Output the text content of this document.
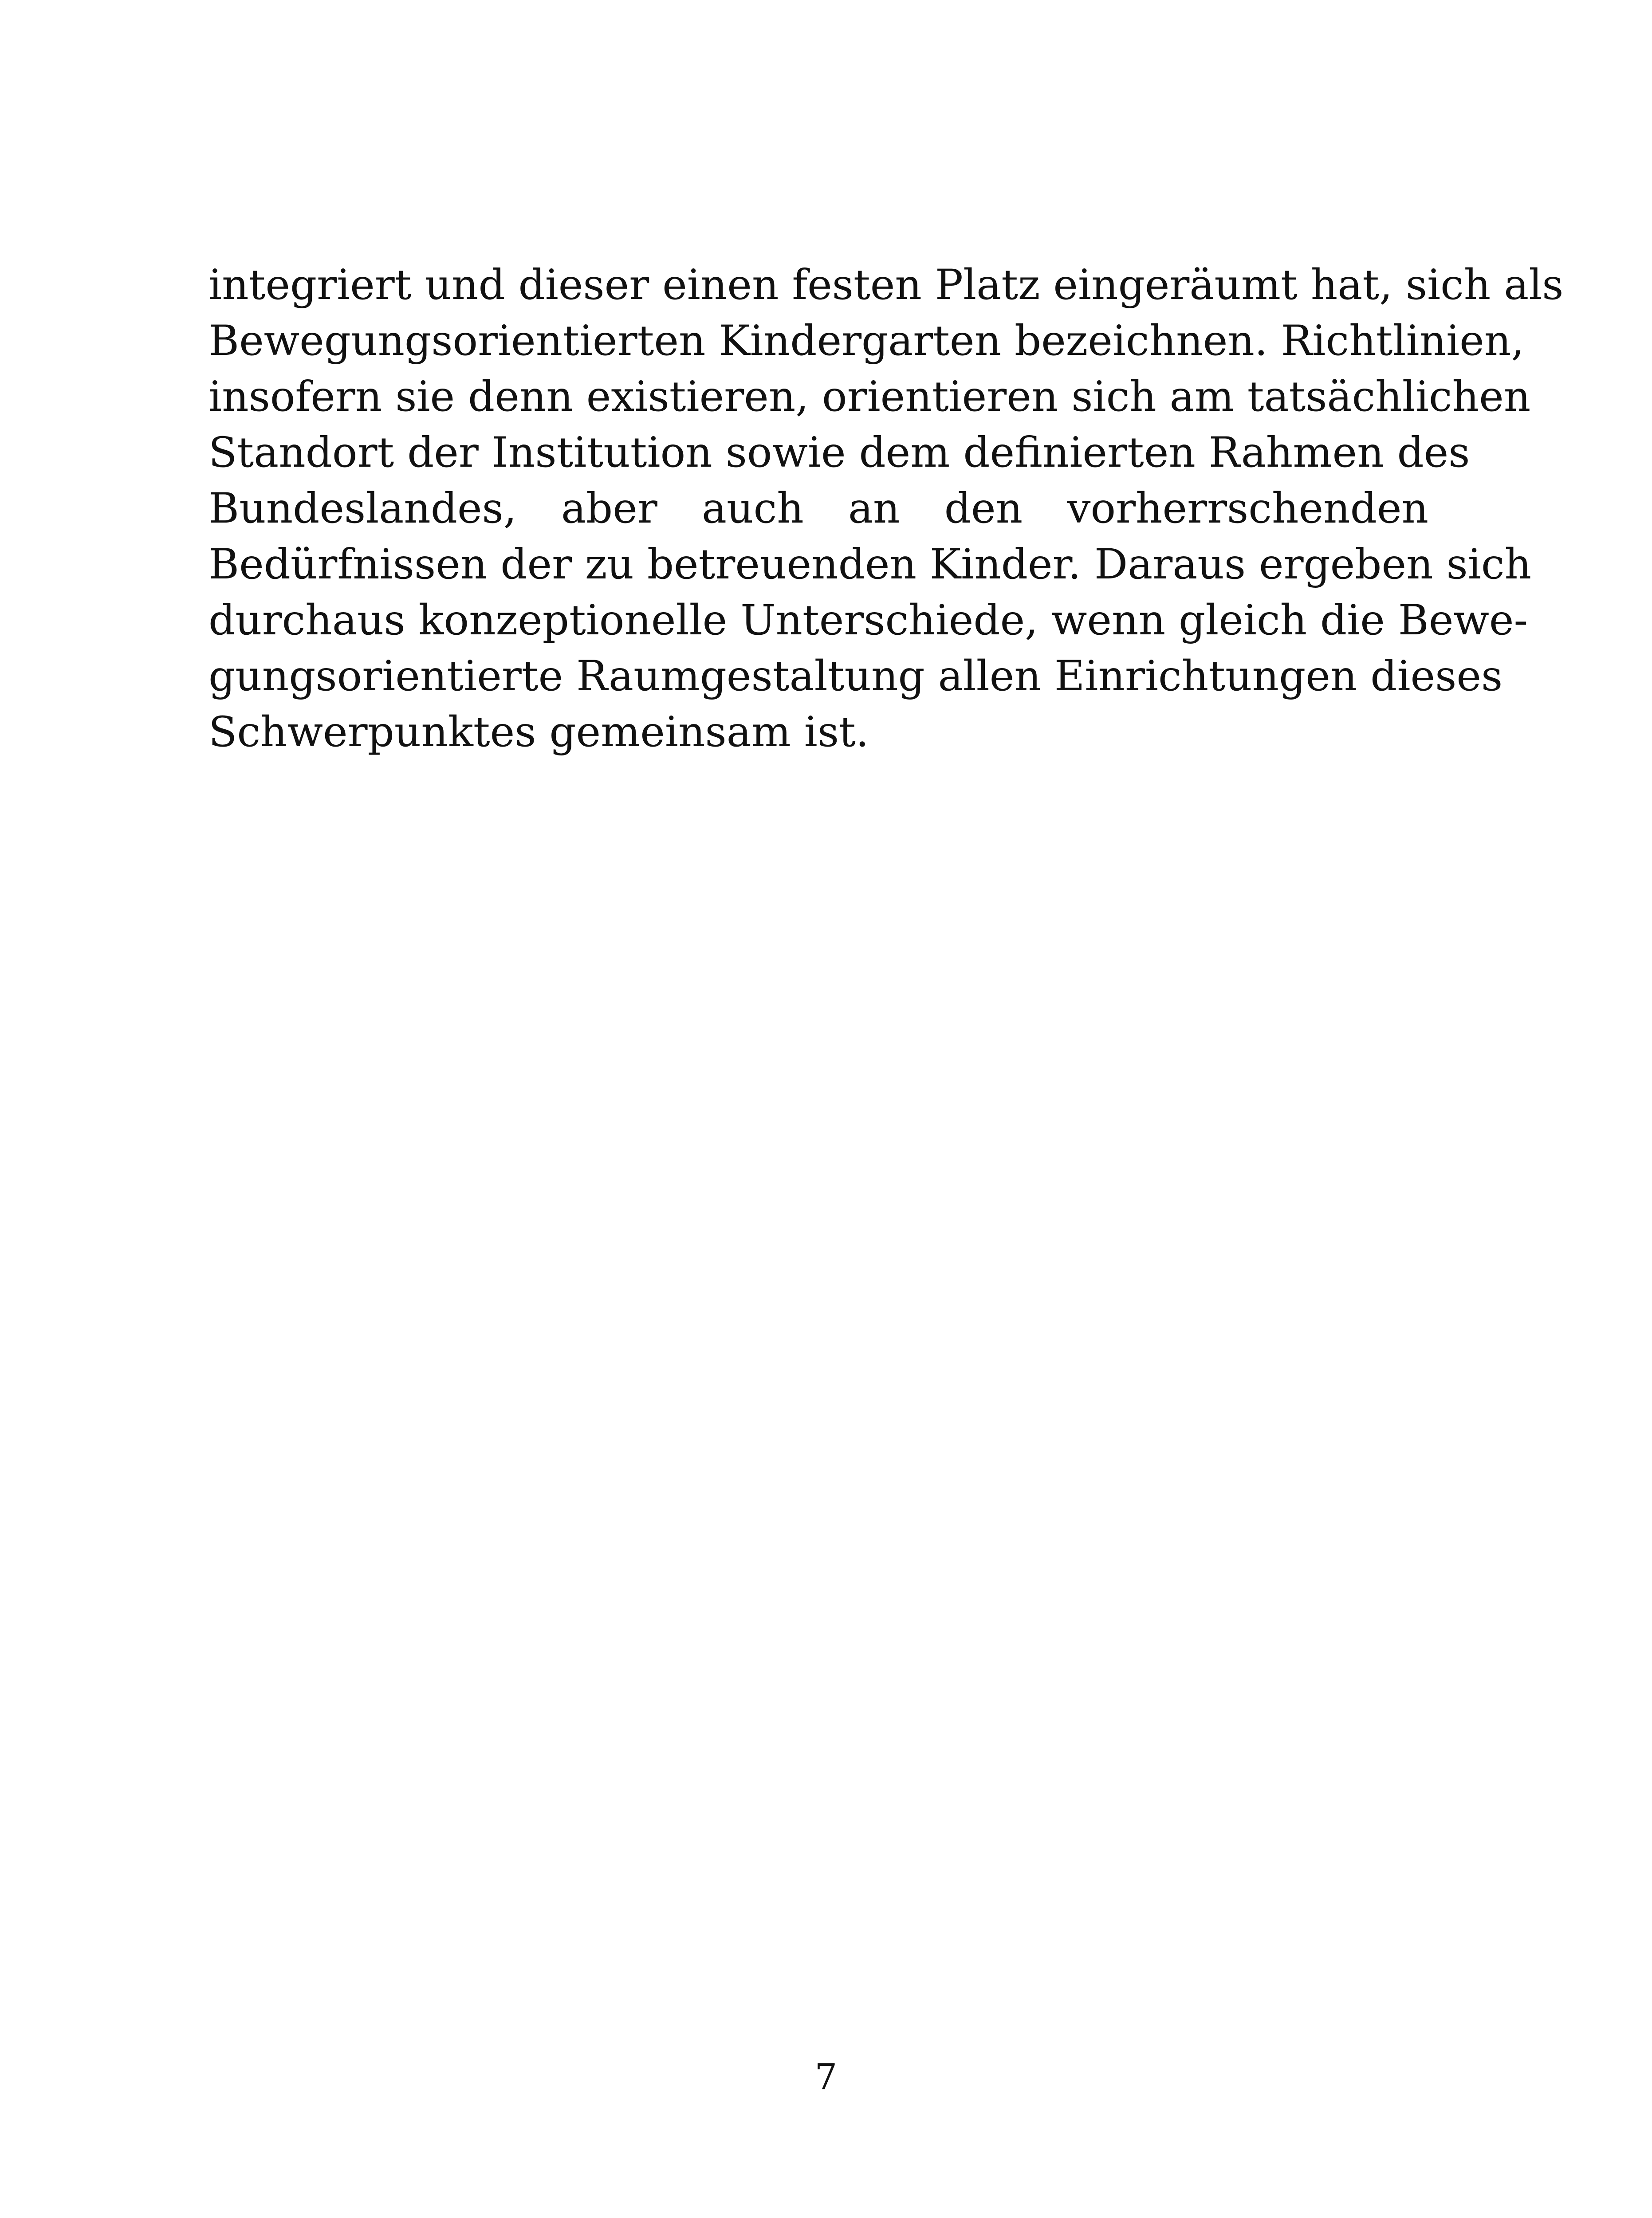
integriert und dieser einen festen Platz eingeräumt hat, sich als
Bewegungsorientierten Kindergarten bezeichnen. Richtlinien,
insofern sie denn existieren, orientieren sich am tatsächlichen
Standort der Institution sowie dem definierten Rahmen des
Bundeslandes, aber auch an den vorherrschenden
Bedürfnissen der zu betreuenden Kinder. Daraus ergeben sich
durchaus konzeptionelle Unterschiede, wenn gleich die Bewe-
gungsorientierte Raumgestaltung allen Einrichtungen dieses
Schwerpunktes gemeinsam ist.
7
